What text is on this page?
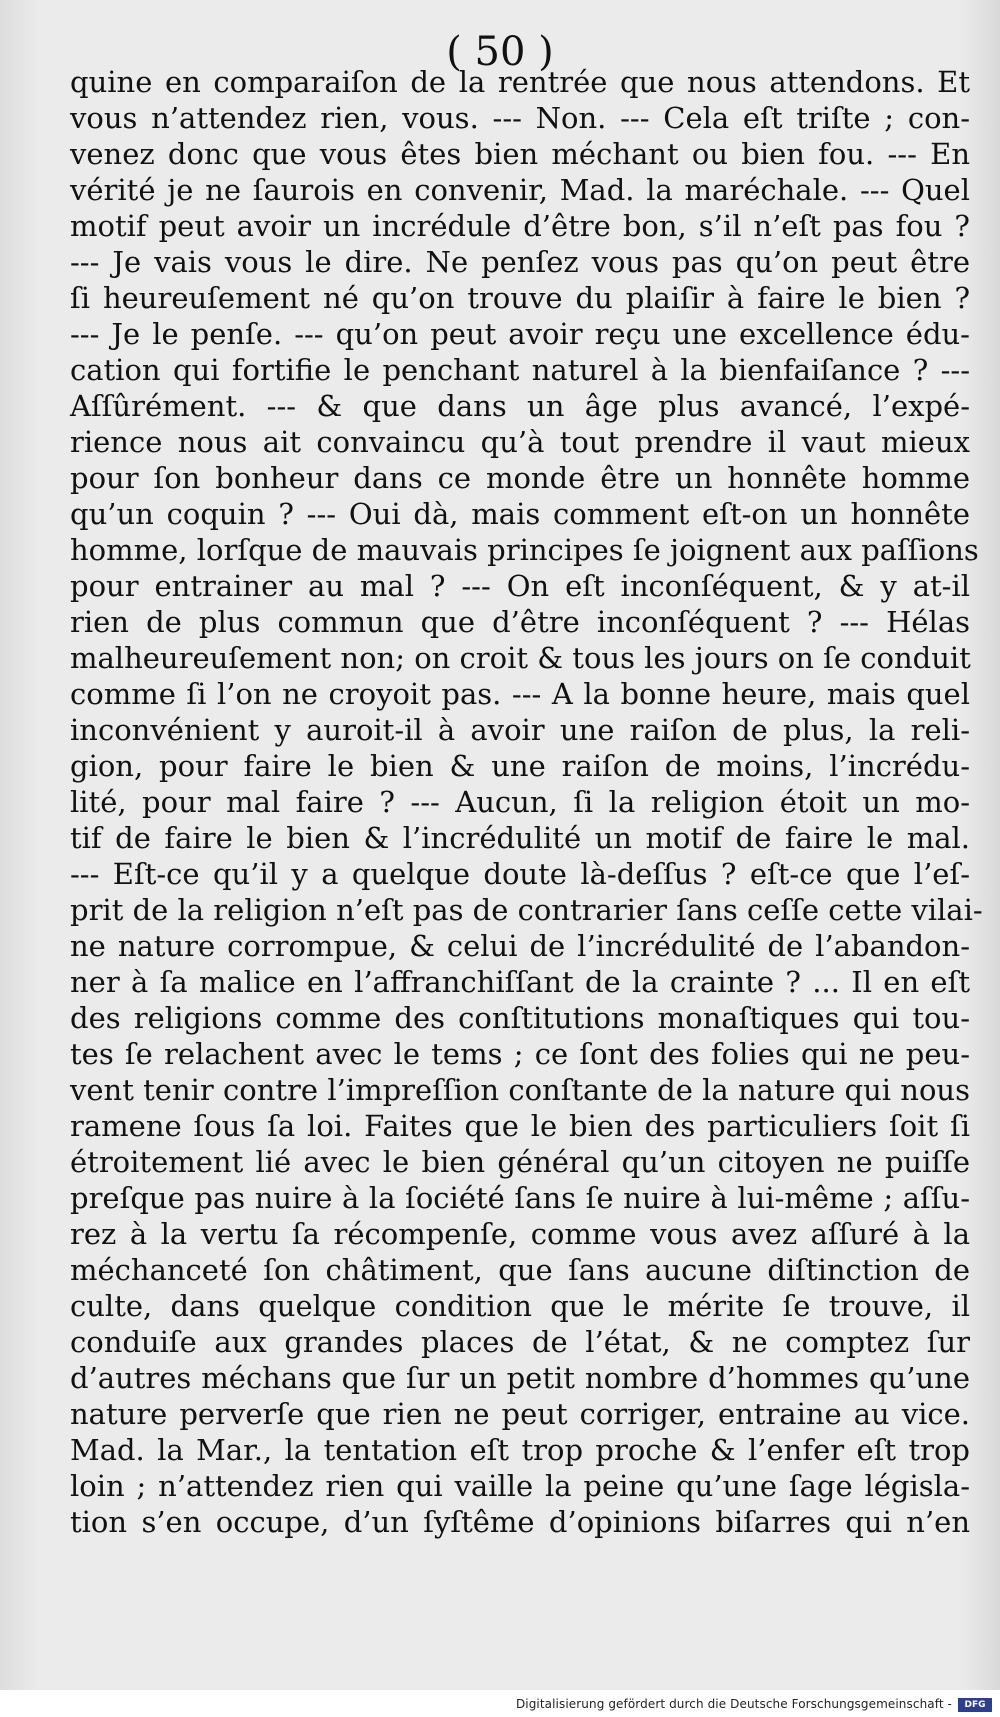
( 50 )
quine en comparaiſon de la rentrée que nous attendons. Et
vous n’attendez rien, vous. --- Non. --- Cela eſt triſte ; con-
venez donc que vous êtes bien méchant ou bien fou. --- En
vérité je ne ſaurois en convenir, Mad. la maréchale. --- Quel
motif peut avoir un incrédule d’être bon, s’il n’eſt pas fou ?
--- Je vais vous le dire. Ne penſez vous pas qu’on peut être
ſi heureuſement né qu’on trouve du plaiſir à faire le bien ?
--- Je le penſe. --- qu’on peut avoir reçu une excellence édu-
cation qui fortifie le penchant naturel à la bienfaiſance ? ---
Aſſûrément. --- & que dans un âge plus avancé, l’expé-
rience nous ait convaincu qu’à tout prendre il vaut mieux
pour ſon bonheur dans ce monde être un honnête homme
qu’un coquin ? --- Oui dà, mais comment eſt-on un honnête
homme, lorſque de mauvais principes ſe joignent aux paſſions
pour entrainer au mal ? --- On eſt inconſéquent, & y at-il
rien de plus commun que d’être inconſéquent ? --- Hélas
malheureuſement non; on croit & tous les jours on ſe conduit
comme ſi l’on ne croyoit pas. --- A la bonne heure, mais quel
inconvénient y auroit-il à avoir une raiſon de plus, la reli-
gion, pour faire le bien & une raiſon de moins, l’incrédu-
lité, pour mal faire ? --- Aucun, ſi la religion étoit un mo-
tif de faire le bien & l’incrédulité un motif de faire le mal.
--- Eſt-ce qu’il y a quelque doute là-deſſus ? eſt-ce que l’eſ-
prit de la religion n’eſt pas de contrarier ſans ceſſe cette vilai-
ne nature corrompue, & celui de l’incrédulité de l’abandon-
ner à ſa malice en l’affranchiſſant de la crainte ? ... Il en eſt
des religions comme des conſtitutions monaſtiques qui tou-
tes ſe relachent avec le tems ; ce ſont des folies qui ne peu-
vent tenir contre l’impreſſion conſtante de la nature qui nous
ramene ſous ſa loi. Faites que le bien des particuliers ſoit ſi
étroitement lié avec le bien général qu’un citoyen ne puiſſe
preſque pas nuire à la ſociété ſans ſe nuire à lui-même ; aſſu-
rez à la vertu ſa récompenſe, comme vous avez aſſuré à la
méchanceté ſon châtiment, que ſans aucune diſtinction de
culte, dans quelque condition que le mérite ſe trouve, il
conduiſe aux grandes places de l’état, & ne comptez ſur
d’autres méchans que ſur un petit nombre d’hommes qu’une
nature perverſe que rien ne peut corriger, entraine au vice.
Mad. la Mar., la tentation eſt trop proche & l’enfer eſt trop
loin ; n’attendez rien qui vaille la peine qu’une ſage législa-
tion s’en occupe, d’un ſyſtême d’opinions biſarres qui n’en
Digitalisierung gefördert durch die Deutsche Forschungsgemeinschaft -	DFG
